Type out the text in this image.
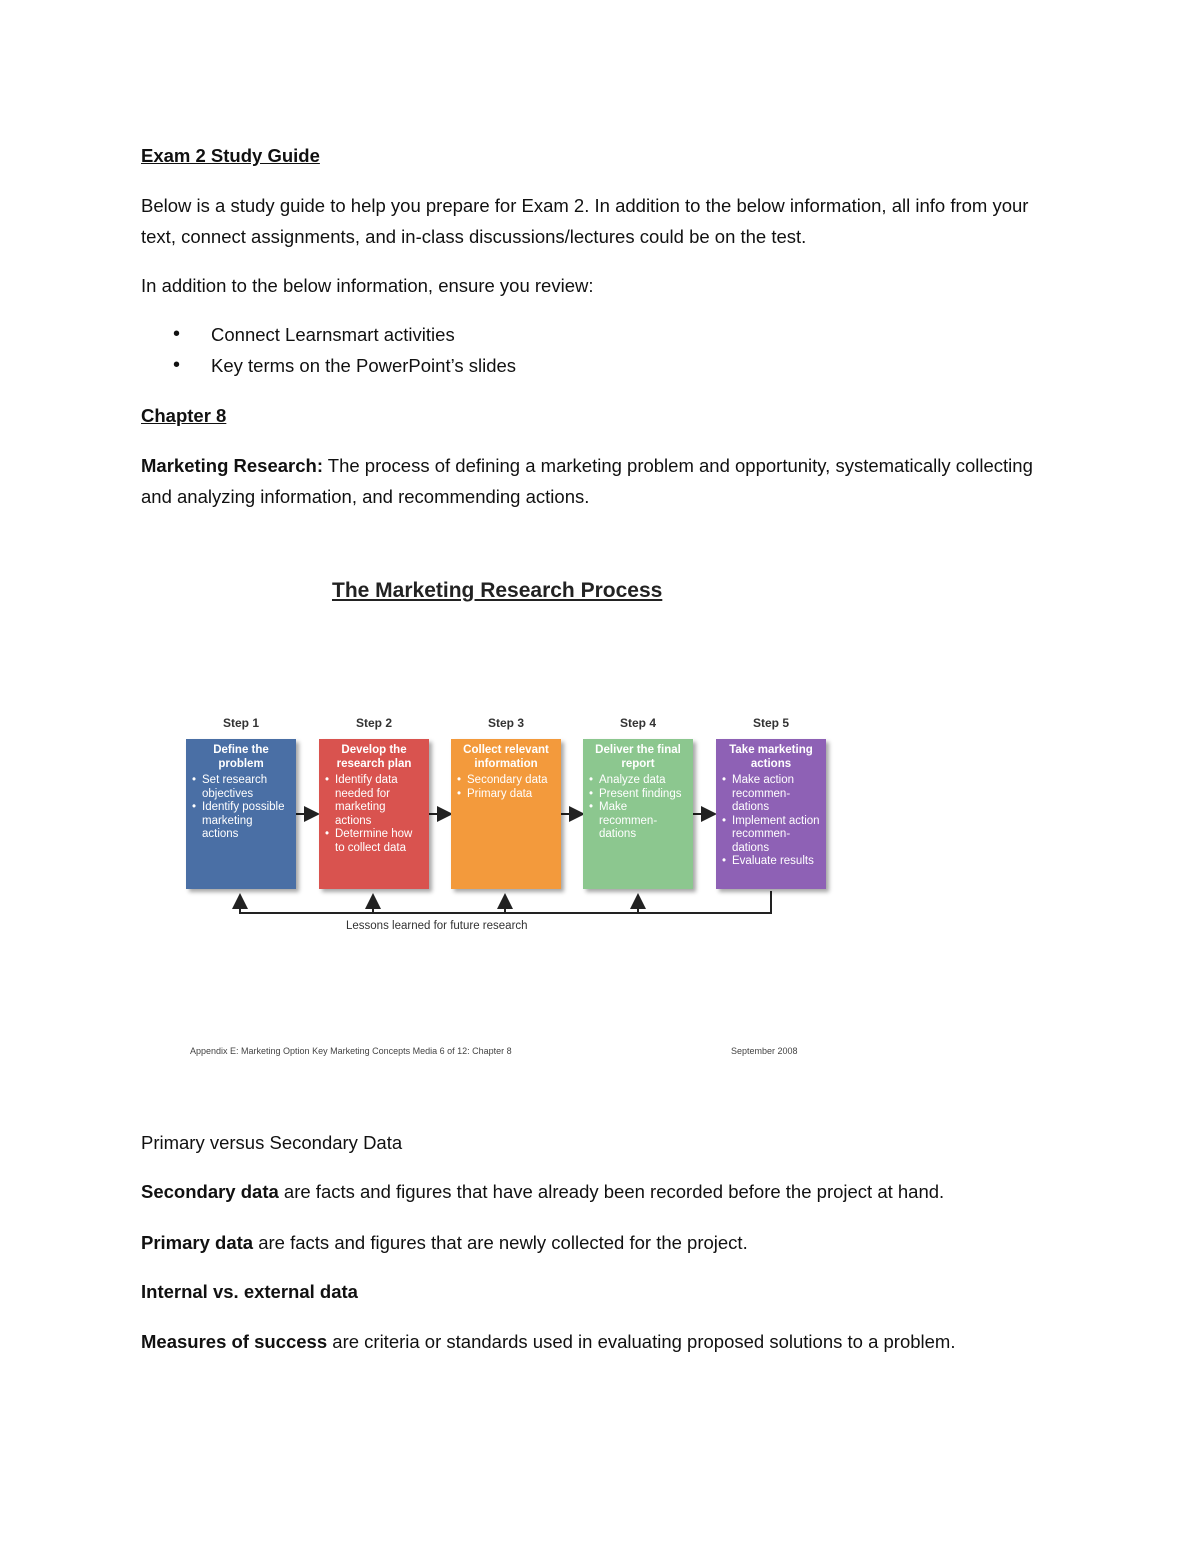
Exam 2 Study Guide

Below is a study guide to help you prepare for Exam 2. In addition to the below information, all info from your text, connect assignments, and in-class discussions/lectures could be on the test.

In addition to the below information, ensure you review:

• Connect Learnsmart activities
• Key terms on the PowerPoint’s slides

Chapter 8

Marketing Research: The process of defining a marketing problem and opportunity, systematically collecting and analyzing information, and recommending actions.

The Marketing Research Process
Step 1
Define the problem
• Set research objectives
• Identify possible marketing actions
Step 2
Develop the research plan
• Identify data needed for marketing actions
• Determine how to collect data
Step 3
Collect relevant information
• Secondary data
• Primary data
Step 4
Deliver the final report
• Analyze data
• Present findings
• Make recommen-dations
Step 5
Take marketing actions
• Make action recommen-dations
• Implement action recommen-dations
• Evaluate results
Lessons learned for future research
Appendix E: Marketing Option Key Marketing Concepts Media 6 of 12: Chapter 8	September 2008

Primary versus Secondary Data

Secondary data are facts and figures that have already been recorded before the project at hand.

Primary data are facts and figures that are newly collected for the project.

Internal vs. external data

Measures of success are criteria or standards used in evaluating proposed solutions to a problem.
